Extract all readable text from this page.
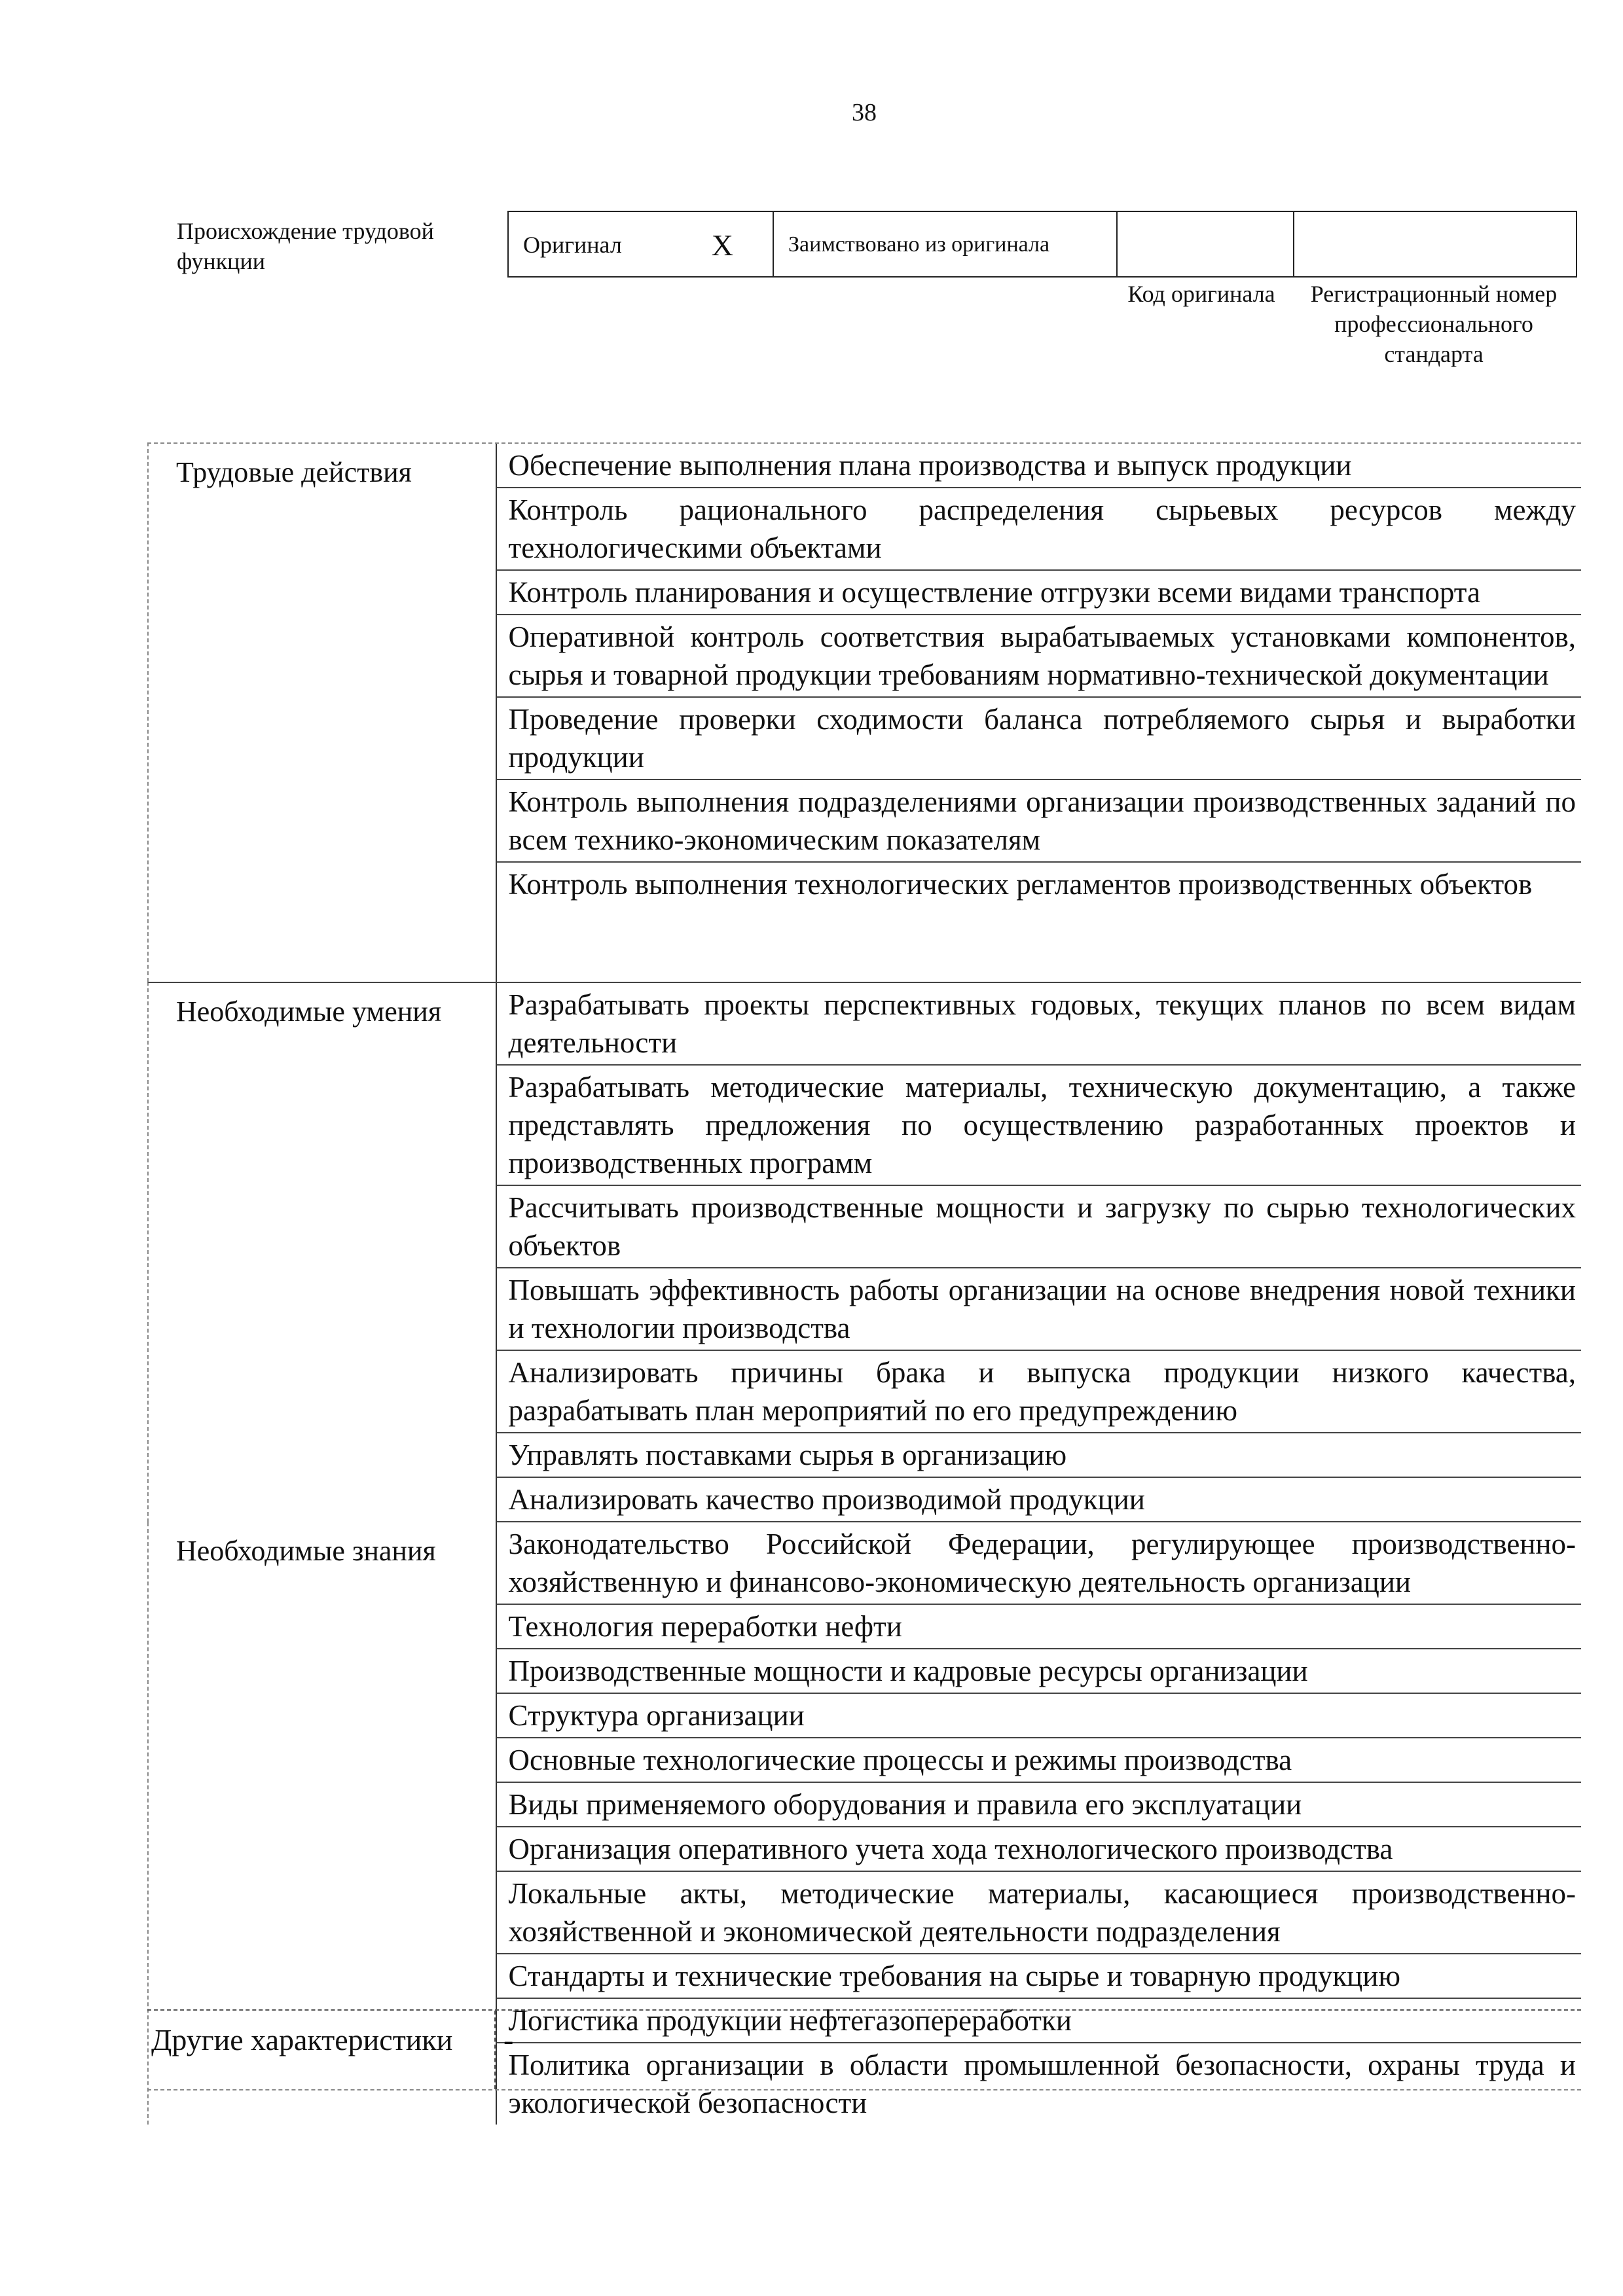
38
Происхождение трудовой функции
Оригинал	X Заимствовано из оригинала
Код оригинала	Регистрационный номер профессионального стандарта
Трудовые действия	Обеспечение выполнения плана производства и выпуск продукции
Контроль рационального распределения сырьевых ресурсов между технологическими объектами
Контроль планирования и осуществление отгрузки всеми видами транспорта
Оперативной контроль соответствия вырабатываемых установками компонентов, сырья и товарной продукции требованиям нормативно-технической документации
Проведение проверки сходимости баланса потребляемого сырья и выработки продукции
Контроль выполнения подразделениями организации производственных заданий по всем технико-экономическим показателям
Контроль выполнения технологических регламентов производственных объектов
Необходимые умения	Разрабатывать проекты перспективных годовых, текущих планов по всем видам деятельности
Разрабатывать методические материалы, техническую документацию, а также представлять предложения по осуществлению разработанных проектов и производственных программ
Рассчитывать производственные мощности и загрузку по сырью технологических объектов
Повышать эффективность работы организации на основе внедрения новой техники и технологии производства
Анализировать причины брака и выпуска продукции низкого качества, разрабатывать план мероприятий по его предупреждению
Управлять поставками сырья в организацию
Анализировать качество производимой продукции
Необходимые знания	Законодательство Российской Федерации, регулирующее производственно-хозяйственную и финансово-экономическую деятельность организации
Технология переработки нефти
Производственные мощности и кадровые ресурсы организации
Структура организации
Основные технологические процессы и режимы производства
Виды применяемого оборудования и правила его эксплуатации
Организация оперативного учета хода технологического производства
Локальные акты, методические материалы, касающиеся производственно-хозяйственной и экономической деятельности подразделения
Стандарты и технические требования на сырье и товарную продукцию
Логистика продукции нефтегазопереработки
Политика организации в области промышленной безопасности, охраны труда и экологической безопасности
Другие характеристики	-
